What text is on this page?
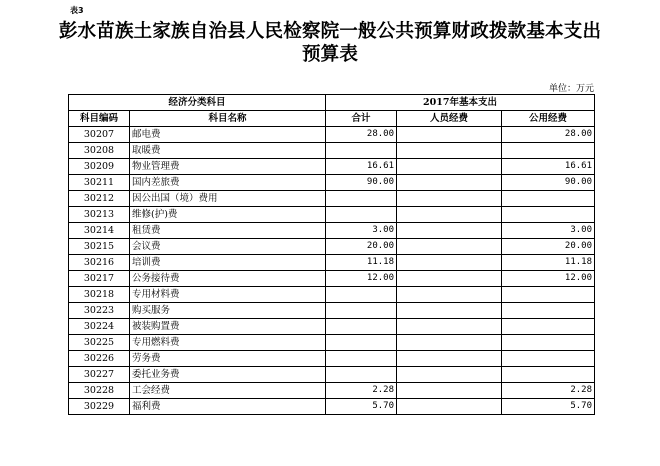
表3
彭水苗族土家族自治县人民检察院一般公共预算财政拨款基本支出
预算表
单位：万元
经济分类科目		2017年基本支出		
科目编码	科目名称	合计	人员经费	公用经费
30207	邮电费	28.00		28.00
30208	取暖费			
30209	物业管理费	16.61		16.61
30211	国内差旅费	90.00		90.00
30212	因公出国（境）费用			
30213	维修(护)费			
30214	租赁费	3.00		3.00
30215	会议费	20.00		20.00
30216	培训费	11.18		11.18
30217	公务接待费	12.00		12.00
30218	专用材料费			
30223	购买服务			
30224	被装购置费			
30225	专用燃料费			
30226	劳务费			
30227	委托业务费			
30228	工会经费	2.28		2.28
30229	福利费	5.70		5.70
